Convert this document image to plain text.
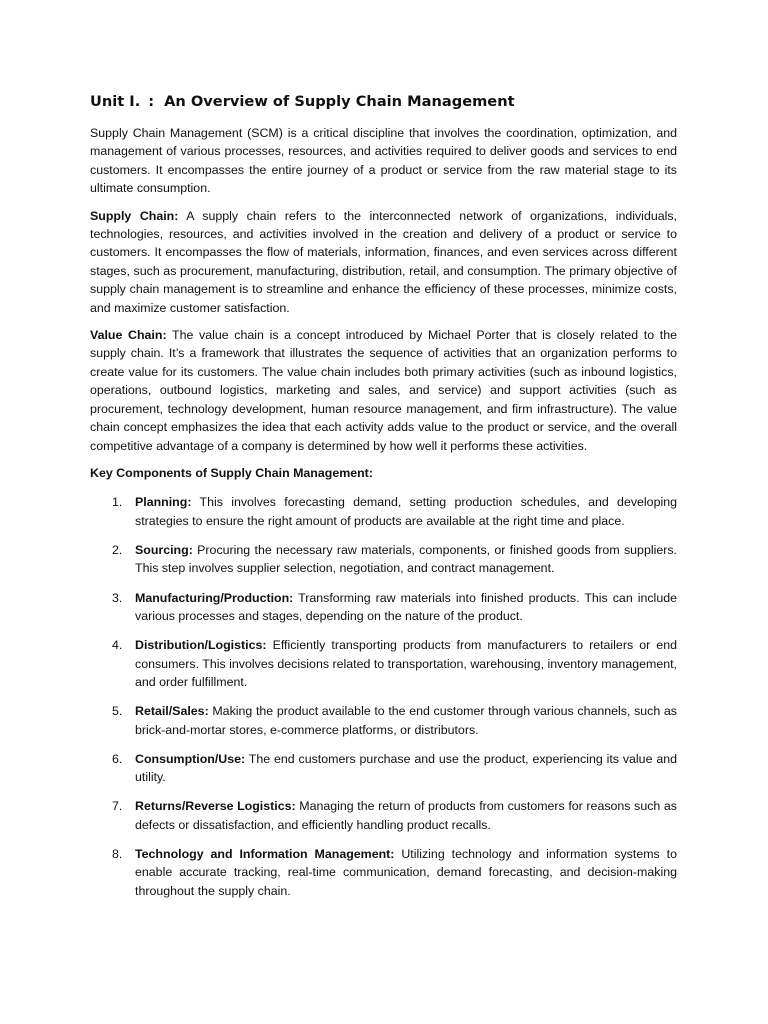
Unit I. : An Overview of Supply Chain Management

Supply Chain Management (SCM) is a critical discipline that involves the coordination, optimization, and management of various processes, resources, and activities required to deliver goods and services to end customers. It encompasses the entire journey of a product or service from the raw material stage to its ultimate consumption.

Supply Chain: A supply chain refers to the interconnected network of organizations, individuals, technologies, resources, and activities involved in the creation and delivery of a product or service to customers. It encompasses the flow of materials, information, finances, and even services across different stages, such as procurement, manufacturing, distribution, retail, and consumption. The primary objective of supply chain management is to streamline and enhance the efficiency of these processes, minimize costs, and maximize customer satisfaction.

Value Chain: The value chain is a concept introduced by Michael Porter that is closely related to the supply chain. It’s a framework that illustrates the sequence of activities that an organization performs to create value for its customers. The value chain includes both primary activities (such as inbound logistics, operations, outbound logistics, marketing and sales, and service) and support activities (such as procurement, technology development, human resource management, and firm infrastructure). The value chain concept emphasizes the idea that each activity adds value to the product or service, and the overall competitive advantage of a company is determined by how well it performs these activities.

Key Components of Supply Chain Management:

1. Planning: This involves forecasting demand, setting production schedules, and developing strategies to ensure the right amount of products are available at the right time and place.
2. Sourcing: Procuring the necessary raw materials, components, or finished goods from suppliers. This step involves supplier selection, negotiation, and contract management.
3. Manufacturing/Production: Transforming raw materials into finished products. This can include various processes and stages, depending on the nature of the product.
4. Distribution/Logistics: Efficiently transporting products from manufacturers to retailers or end consumers. This involves decisions related to transportation, warehousing, inventory management, and order fulfillment.
5. Retail/Sales: Making the product available to the end customer through various channels, such as brick-and-mortar stores, e-commerce platforms, or distributors.
6. Consumption/Use: The end customers purchase and use the product, experiencing its value and utility.
7. Returns/Reverse Logistics: Managing the return of products from customers for reasons such as defects or dissatisfaction, and efficiently handling product recalls.
8. Technology and Information Management: Utilizing technology and information systems to enable accurate tracking, real-time communication, demand forecasting, and decision-making throughout the supply chain.
